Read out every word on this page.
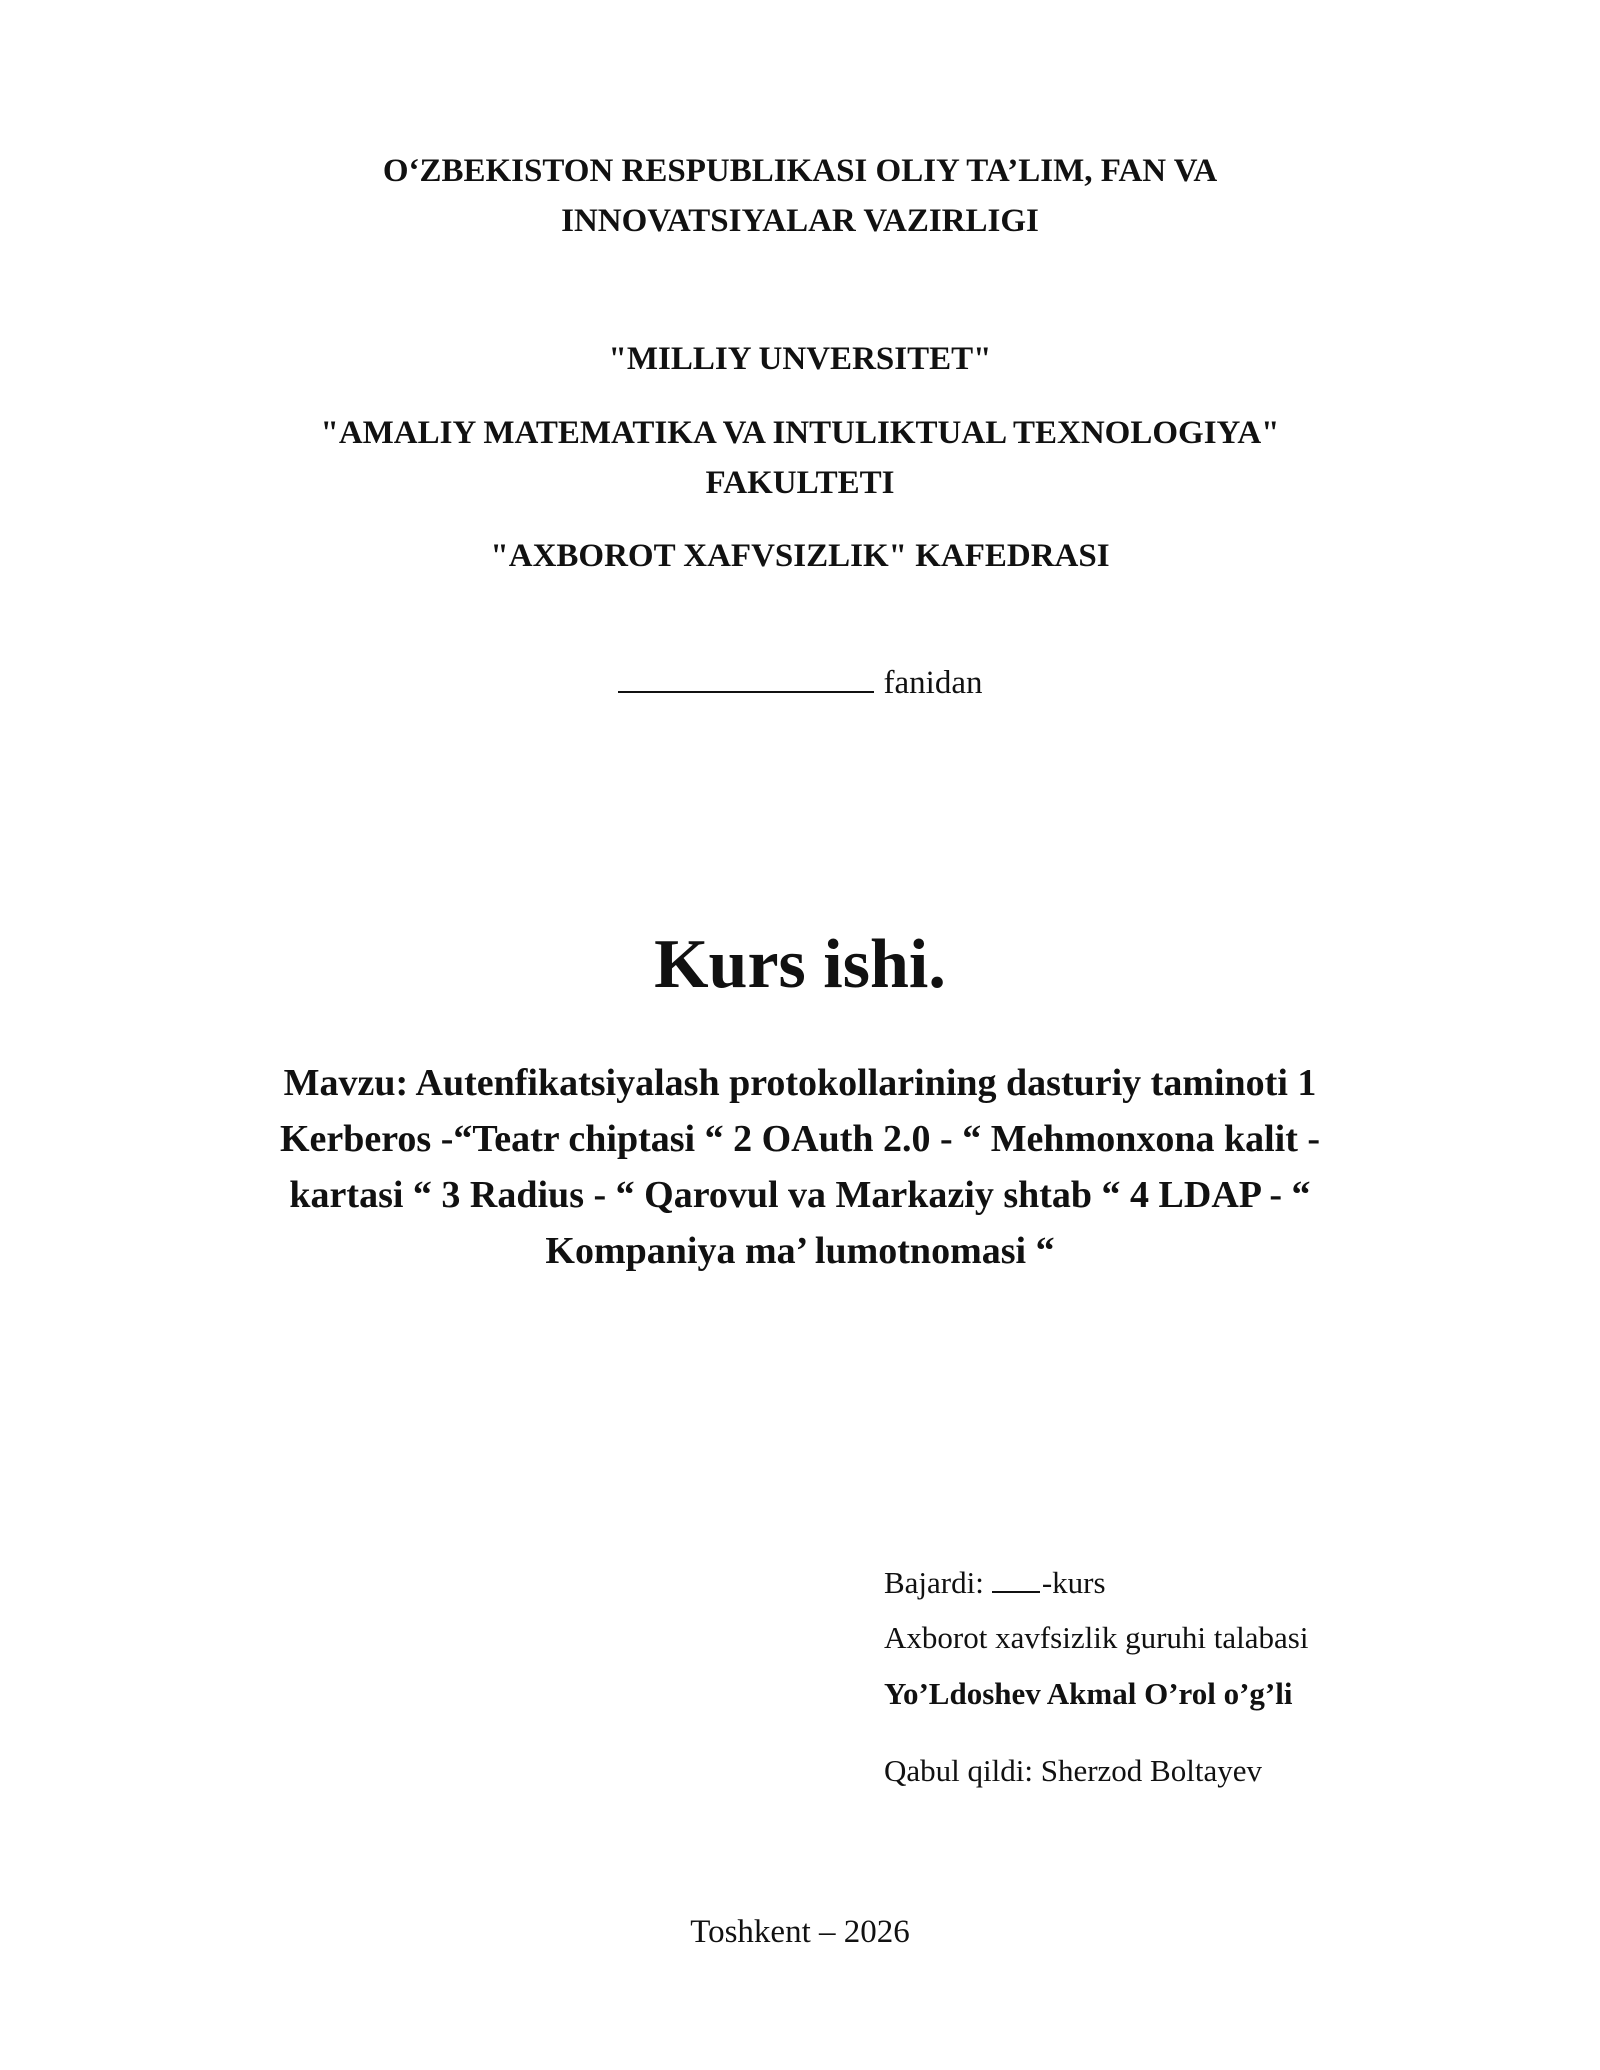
O‘ZBEKISTON RESPUBLIKASI OLIY TA’LIM, FAN VA
INNOVATSIYALAR VAZIRLIGI
"MILLIY UNVERSITET"
"AMALIY MATEMATIKA VA INTULIKTUAL TEXNOLOGIYA"
FAKULTETI
"AXBOROT XAFVSIZLIK" KAFEDRASI
fanidan
Kurs ishi.
Mavzu: Autenfikatsiyalash protokollarining dasturiy taminoti 1
Kerberos -“Teatr chiptasi “ 2 OAuth 2.0 - “ Mehmonxona kalit -
kartasi “ 3 Radius - “ Qarovul va Markaziy shtab “ 4 LDAP - “
Kompaniya ma’ lumotnomasi “
Bajardi: -kurs
Axborot xavfsizlik guruhi talabasi
Yo’Ldoshev Akmal O’rol o’g’li
Qabul qildi: Sherzod Boltayev
Toshkent – 2026
